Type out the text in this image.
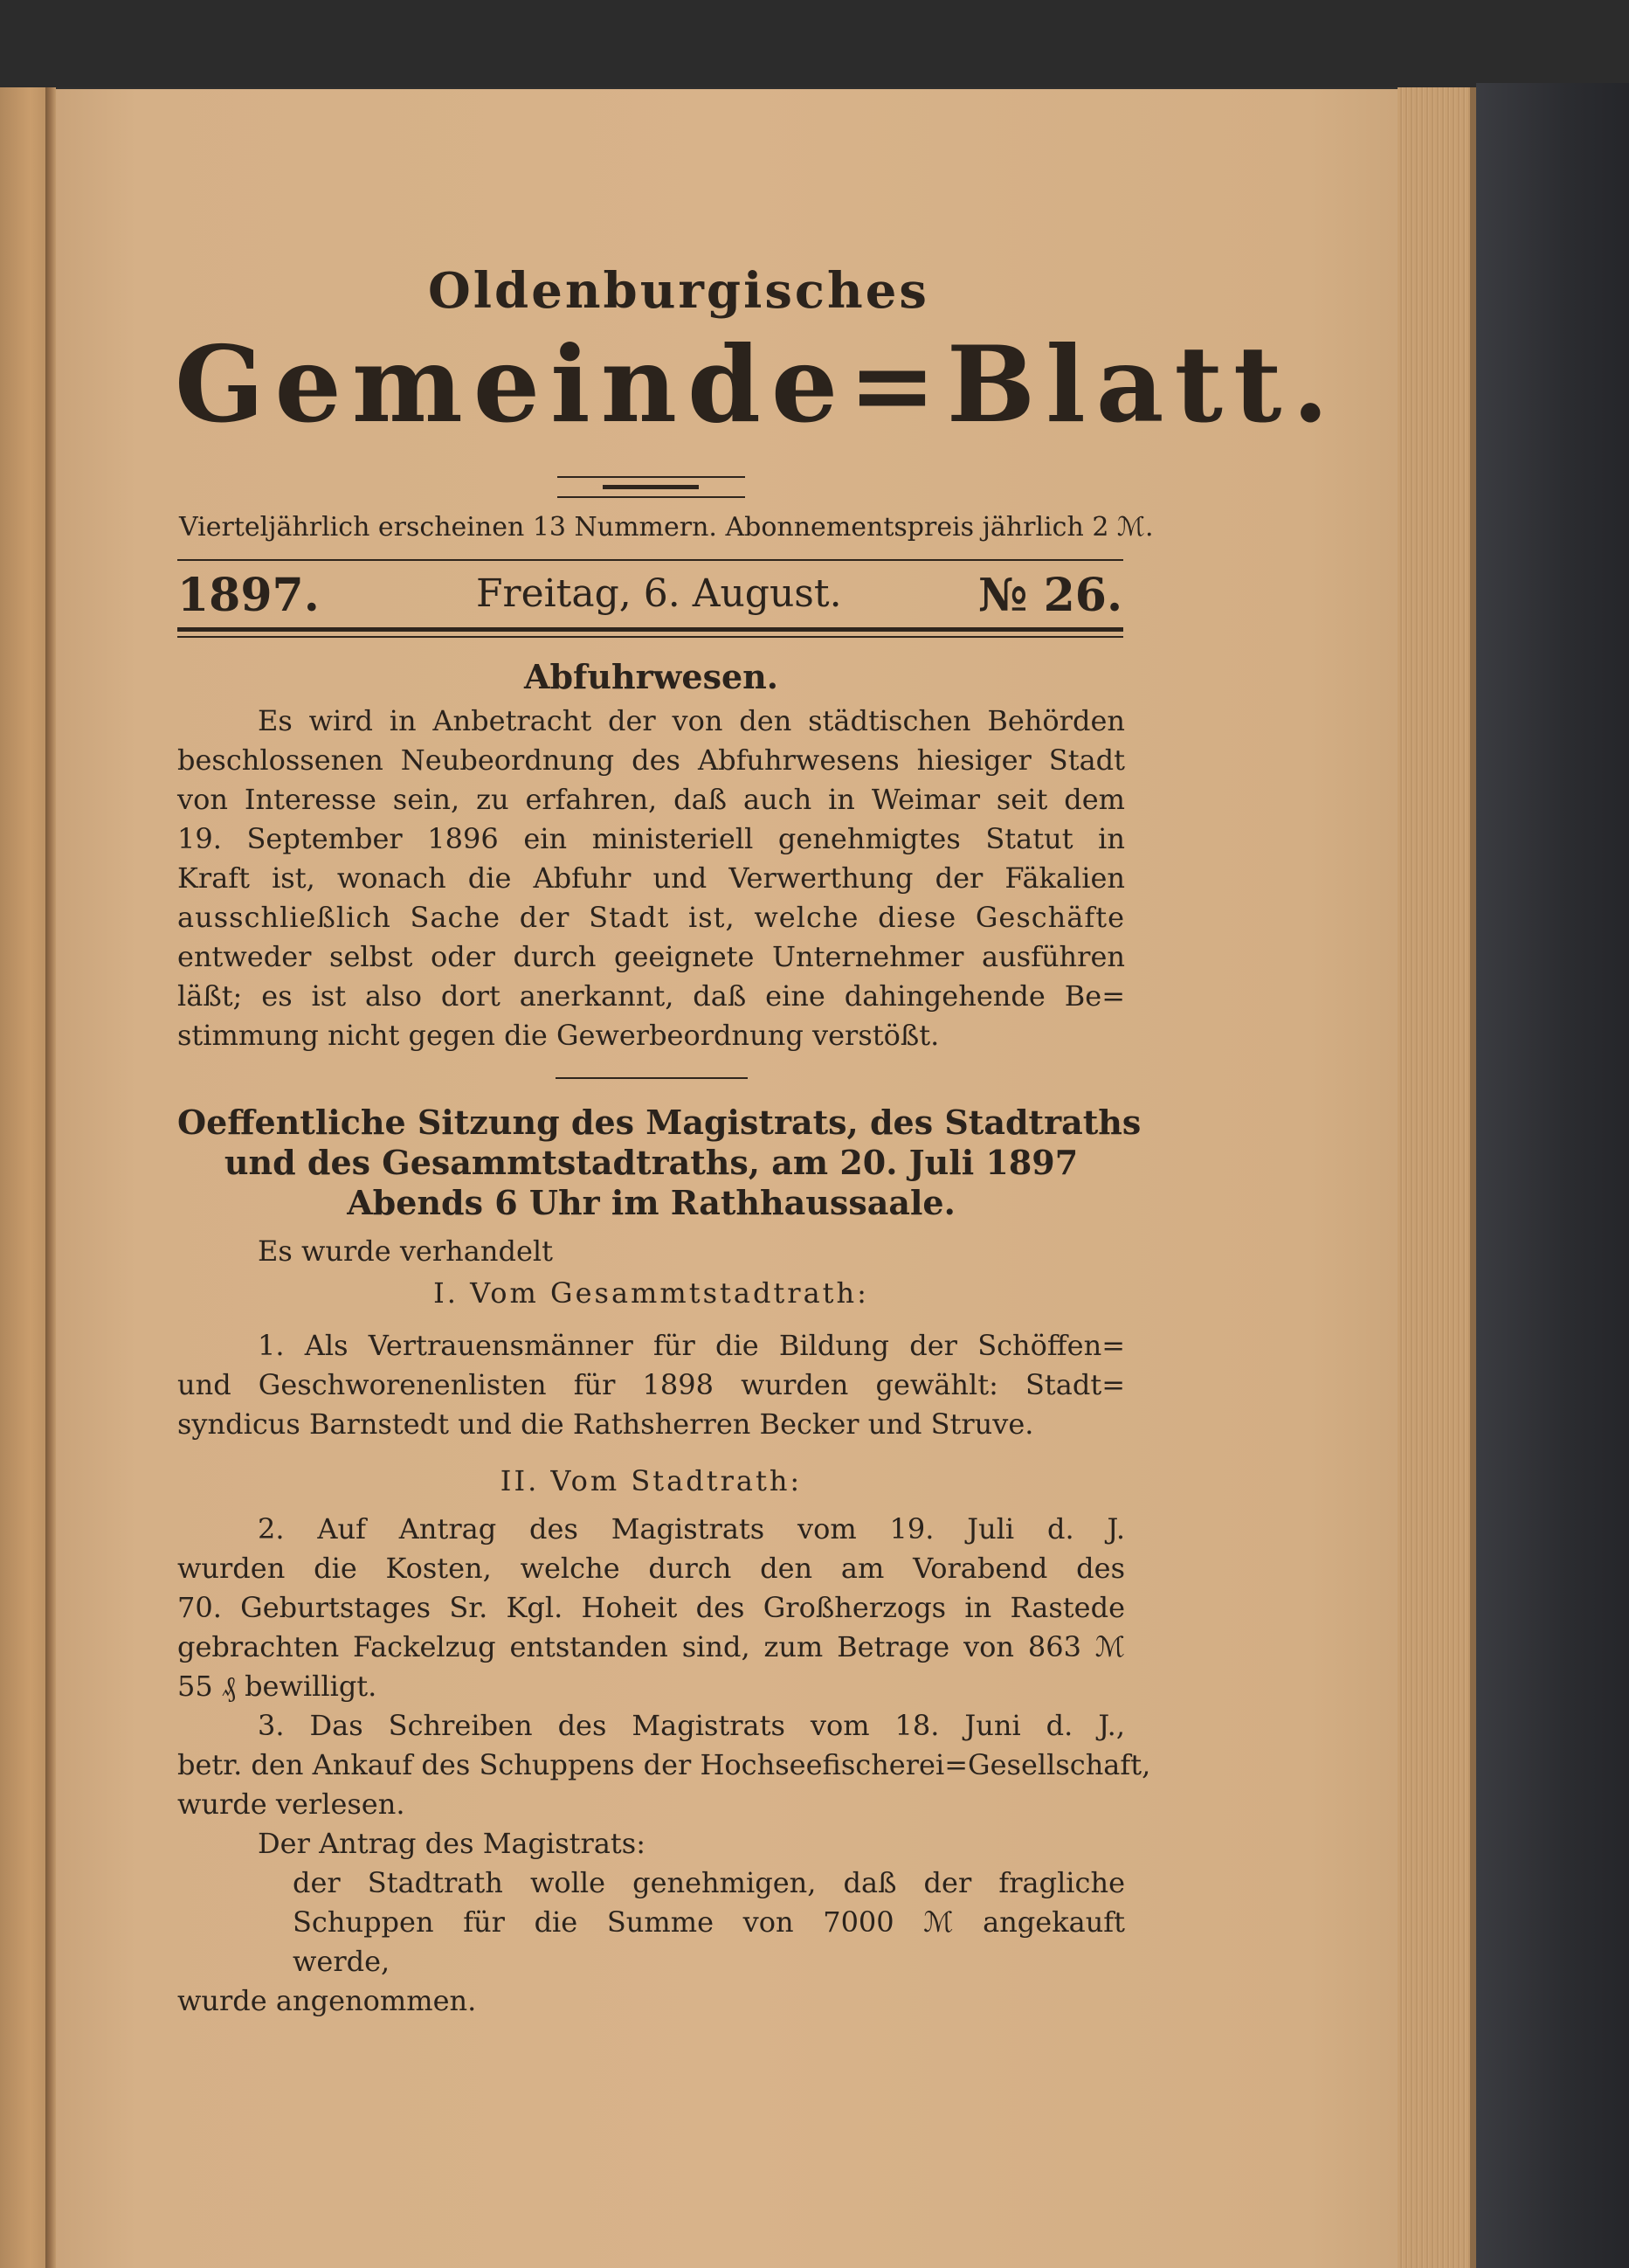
Oldenburgisches
Gemeinde=Blatt.
Vierteljährlich erscheinen 13 Nummern. Abonnementspreis jährlich 2 ℳ.
1897.	Freitag, 6. August.	№ 26.
Abfuhrwesen.
Es wird in Anbetracht der von den städtischen Behörden
beschlossenen Neubeordnung des Abfuhrwesens hiesiger Stadt
von Interesse sein, zu erfahren, daß auch in Weimar seit dem
19. September 1896 ein ministeriell genehmigtes Statut in
Kraft ist, wonach die Abfuhr und Verwerthung der Fäkalien
ausschließlich Sache der Stadt ist, welche diese Geschäfte
entweder selbst oder durch geeignete Unternehmer ausführen
läßt; es ist also dort anerkannt, daß eine dahingehende Be=
stimmung nicht gegen die Gewerbeordnung verstößt.
Oeffentliche Sitzung des Magistrats, des Stadtraths
und des Gesammtstadtraths, am 20. Juli 1897
Abends 6 Uhr im Rathhaussaale.
Es wurde verhandelt
I. Vom Gesammtstadtrath:
1. Als Vertrauensmänner für die Bildung der Schöffen=
und Geschworenenlisten für 1898 wurden gewählt: Stadt=
syndicus Barnstedt und die Rathsherren Becker und Struve.
II. Vom Stadtrath:
2. Auf Antrag des Magistrats vom 19. Juli d. J.
wurden die Kosten, welche durch den am Vorabend des
70. Geburtstages Sr. Kgl. Hoheit des Großherzogs in Rastede
gebrachten Fackelzug entstanden sind, zum Betrage von 863 ℳ
55 ₰ bewilligt.
3. Das Schreiben des Magistrats vom 18. Juni d. J.,
betr. den Ankauf des Schuppens der Hochseefischerei=Gesellschaft,
wurde verlesen.
Der Antrag des Magistrats:
der Stadtrath wolle genehmigen, daß der fragliche
Schuppen für die Summe von 7000 ℳ angekauft
werde,
wurde angenommen.
